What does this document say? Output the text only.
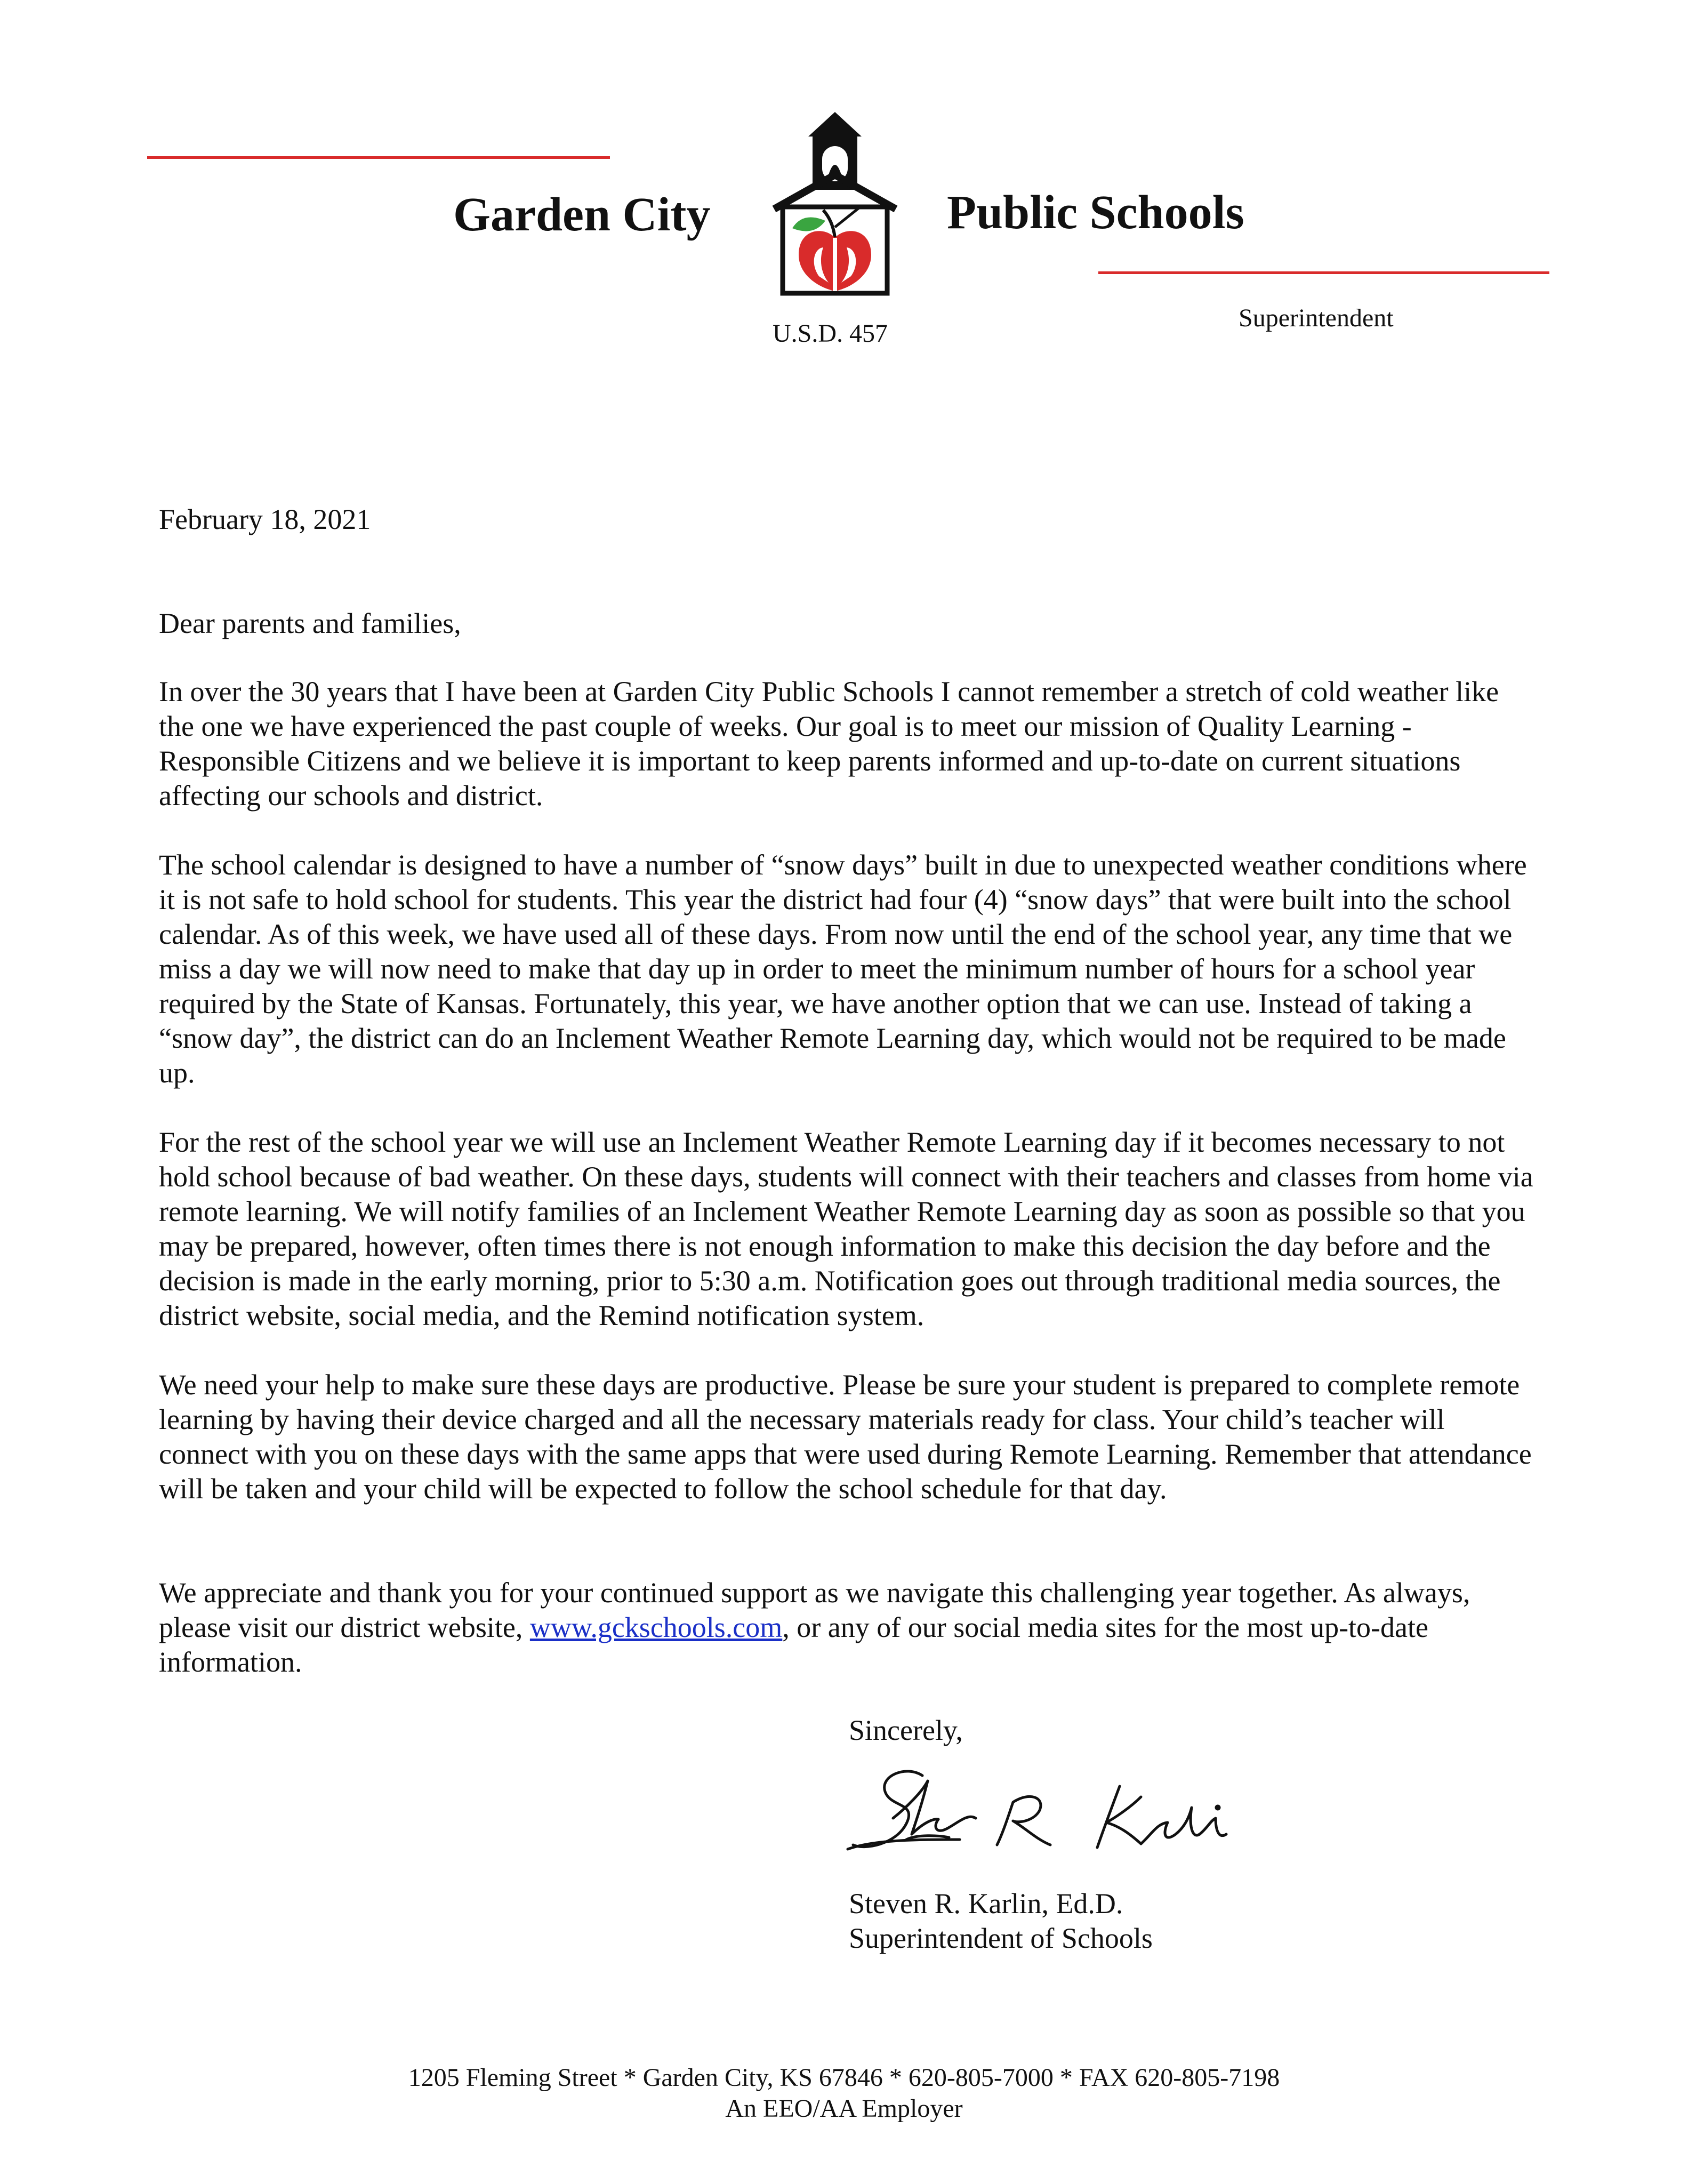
Garden City	Public Schools
U.S.D. 457
Superintendent
February 18, 2021
Dear parents and families,

In over the 30 years that I have been at Garden City Public Schools I cannot remember a stretch of cold weather like the one we have experienced the past couple of weeks. Our goal is to meet our mission of Quality Learning - Responsible Citizens and we believe it is important to keep parents informed and up-to-date on current situations affecting our schools and district.

The school calendar is designed to have a number of “snow days” built in due to unexpected weather conditions where it is not safe to hold school for students. This year the district had four (4) “snow days” that were built into the school calendar. As of this week, we have used all of these days. From now until the end of the school year, any time that we miss a day we will now need to make that day up in order to meet the minimum number of hours for a school year required by the State of Kansas. Fortunately, this year, we have another option that we can use. Instead of taking a “snow day”, the district can do an Inclement Weather Remote Learning day, which would not be required to be made up.

For the rest of the school year we will use an Inclement Weather Remote Learning day if it becomes necessary to not hold school because of bad weather. On these days, students will connect with their teachers and classes from home via remote learning. We will notify families of an Inclement Weather Remote Learning day as soon as possible so that you may be prepared, however, often times there is not enough information to make this decision the day before and the decision is made in the early morning, prior to 5:30 a.m. Notification goes out through traditional media sources, the district website, social media, and the Remind notification system.

We need your help to make sure these days are productive. Please be sure your student is prepared to complete remote learning by having their device charged and all the necessary materials ready for class. Your child’s teacher will connect with you on these days with the same apps that were used during Remote Learning. Remember that attendance will be taken and your child will be expected to follow the school schedule for that day.

We appreciate and thank you for your continued support as we navigate this challenging year together. As always, please visit our district website, www.gckschools.com, or any of our social media sites for the most up-to-date information.

Sincerely,
Steven R. Karlin, Ed.D.
Superintendent of Schools
1205 Fleming Street * Garden City, KS 67846 * 620-805-7000 * FAX 620-805-7198
An EEO/AA Employer
